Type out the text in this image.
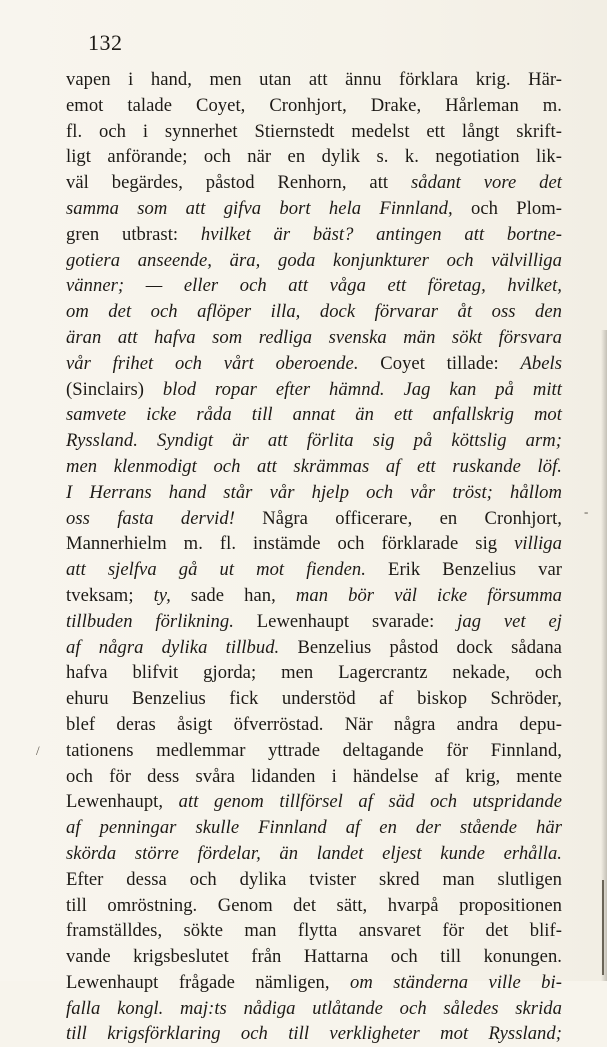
132
vapen i hand, men utan att ännu förklara krig. Här-
emot talade Coyet, Cronhjort, Drake, Hårleman m.
fl. och i synnerhet Stiernstedt medelst ett långt skrift-
ligt anförande; och när en dylik s. k. negotiation lik-
väl begärdes, påstod Renhorn, att sådant vore det
samma som att gifva bort hela Finnland, och Plom-
gren utbrast: hvilket är bäst? antingen att bortne-
gotiera anseende, ära, goda konjunkturer och välvilliga
vänner; — eller och att våga ett företag, hvilket,
om det och aflöper illa, dock förvarar åt oss den
äran att hafva som redliga svenska män sökt försvara
vår frihet och vårt oberoende. Coyet tillade: Abels
(Sinclairs) blod ropar efter hämnd. Jag kan på mitt
samvete icke råda till annat än ett anfallskrig mot
Ryssland. Syndigt är att förlita sig på köttslig arm;
men klenmodigt och att skrämmas af ett ruskande löf.
I Herrans hand står vår hjelp och vår tröst; hållom
oss fasta dervid! Några officerare, en Cronhjort,
Mannerhielm m. fl. instämde och förklarade sig villiga
att sjelfva gå ut mot fienden. Erik Benzelius var
tveksam; ty, sade han, man bör väl icke försumma
tillbuden förlikning. Lewenhaupt svarade: jag vet ej
af några dylika tillbud. Benzelius påstod dock sådana
hafva blifvit gjorda; men Lagercrantz nekade, och
ehuru Benzelius fick understöd af biskop Schröder,
blef deras åsigt öfverröstad. När några andra depu-
tationens medlemmar yttrade deltagande för Finnland,
och för dess svåra lidanden i händelse af krig, mente
Lewenhaupt, att genom tillförsel af säd och utspridande
af penningar skulle Finnland af en der stående här
skörda större fördelar, än landet eljest kunde erhålla.
Efter dessa och dylika tvister skred man slutligen
till omröstning. Genom det sätt, hvarpå propositionen
framställdes, sökte man flytta ansvaret för det blif-
vande krigsbeslutet från Hattarna och till konungen.
Lewenhaupt frågade nämligen, om ständerna ville bi-
falla kongl. maj:ts nådiga utlåtande och således skrida
till krigsförklaring och till verkligheter mot Ryssland;
-
/
